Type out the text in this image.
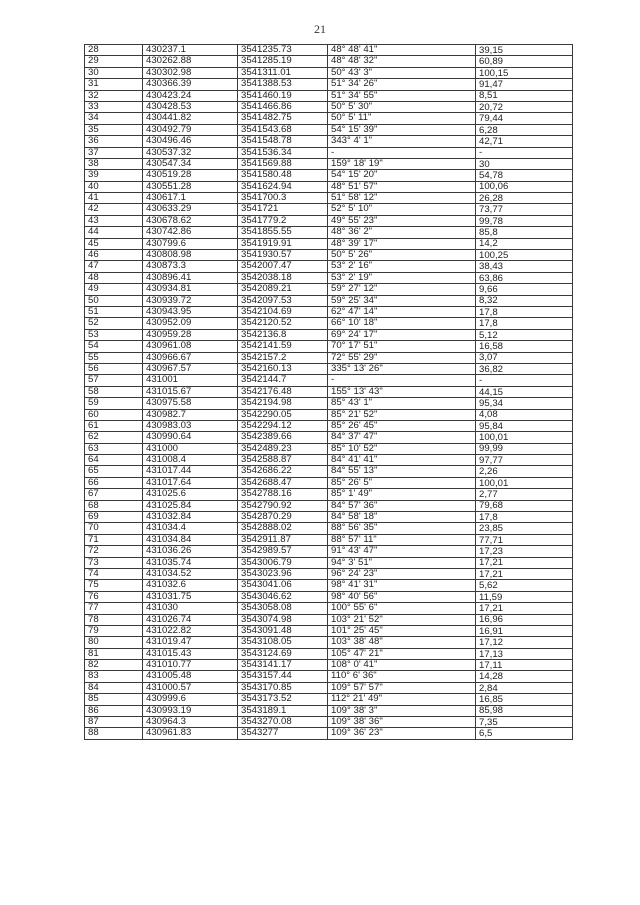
21
28	430237.1	3541235.73	48° 48' 41"	39,15
29	430262.88	3541285.19	48° 48' 32"	60,89
30	430302.98	3541311.01	50° 43' 3"	100,15
31	430366.39	3541388.53	51° 34' 26"	91,47
32	430423.24	3541460.19	51° 34' 55"	8,51
33	430428.53	3541466.86	50° 5' 30"	20,72
34	430441.82	3541482.75	50° 5' 11"	79,44
35	430492.79	3541543.68	54° 15' 39"	6,28
36	430496.46	3541548.78	343° 4' 1"	42,71
37	430537.32	3541536.34	-	-
38	430547.34	3541569.88	159° 18' 19"	30
39	430519.28	3541580.48	54° 15' 20"	54,78
40	430551.28	3541624.94	48° 51' 57"	100,06
41	430617.1	3541700.3	51° 58' 12"	26,28
42	430633.29	3541721	52° 5' 10"	73,77
43	430678.62	3541779.2	49° 55' 23"	99,78
44	430742.86	3541855.55	48° 36' 2"	85,8
45	430799.6	3541919.91	48° 39' 17"	14,2
46	430808.98	3541930.57	50° 5' 26"	100,25
47	430873.3	3542007.47	53° 2' 16"	38,43
48	430896.41	3542038.18	53° 2' 19"	63,86
49	430934.81	3542089.21	59° 27' 12"	9,66
50	430939.72	3542097.53	59° 25' 34"	8,32
51	430943.95	3542104.69	62° 47' 14"	17,8
52	430952.09	3542120.52	66° 10' 18"	17,8
53	430959.28	3542136.8	69° 24' 17"	5,12
54	430961.08	3542141.59	70° 17' 51"	16,58
55	430966.67	3542157.2	72° 55' 29"	3,07
56	430967.57	3542160.13	335° 13' 26"	36,82
57	431001	3542144.7	-	-
58	431015.67	3542176.48	155° 13' 43"	44,15
59	430975.58	3542194.98	85° 43' 1"	95,34
60	430982.7	3542290.05	85° 21' 52"	4,08
61	430983.03	3542294.12	85° 26' 45"	95,84
62	430990.64	3542389.66	84° 37' 47"	100,01
63	431000	3542489.23	85° 10' 52"	99,99
64	431008.4	3542588.87	84° 41' 41"	97,77
65	431017.44	3542686.22	84° 55' 13"	2,26
66	431017.64	3542688.47	85° 26' 5"	100,01
67	431025.6	3542788.16	85° 1' 49"	2,77
68	431025.84	3542790.92	84° 57' 36"	79,68
69	431032.84	3542870.29	84° 58' 18"	17,8
70	431034.4	3542888.02	88° 56' 35"	23,85
71	431034.84	3542911.87	88° 57' 11"	77,71
72	431036.26	3542989.57	91° 43' 47"	17,23
73	431035.74	3543006.79	94° 3' 51"	17,21
74	431034.52	3543023.96	96° 24' 23"	17,21
75	431032.6	3543041.06	98° 41' 31"	5,62
76	431031.75	3543046.62	98° 40' 56"	11,59
77	431030	3543058.08	100° 55' 6"	17,21
78	431026.74	3543074.98	103° 21' 52"	16,96
79	431022.82	3543091.48	101° 25' 45"	16,91
80	431019.47	3543108.05	103° 38' 48"	17,12
81	431015.43	3543124.69	105° 47' 21"	17,13
82	431010.77	3543141.17	108° 0' 41"	17,11
83	431005.48	3543157.44	110° 6' 36"	14,28
84	431000.57	3543170.85	109° 57' 57"	2,84
85	430999.6	3543173.52	112° 21' 49"	16,85
86	430993.19	3543189.1	109° 38' 3"	85,98
87	430964.3	3543270.08	109° 38' 36"	7,35
88	430961.83	3543277	109° 36' 23"	6,5
